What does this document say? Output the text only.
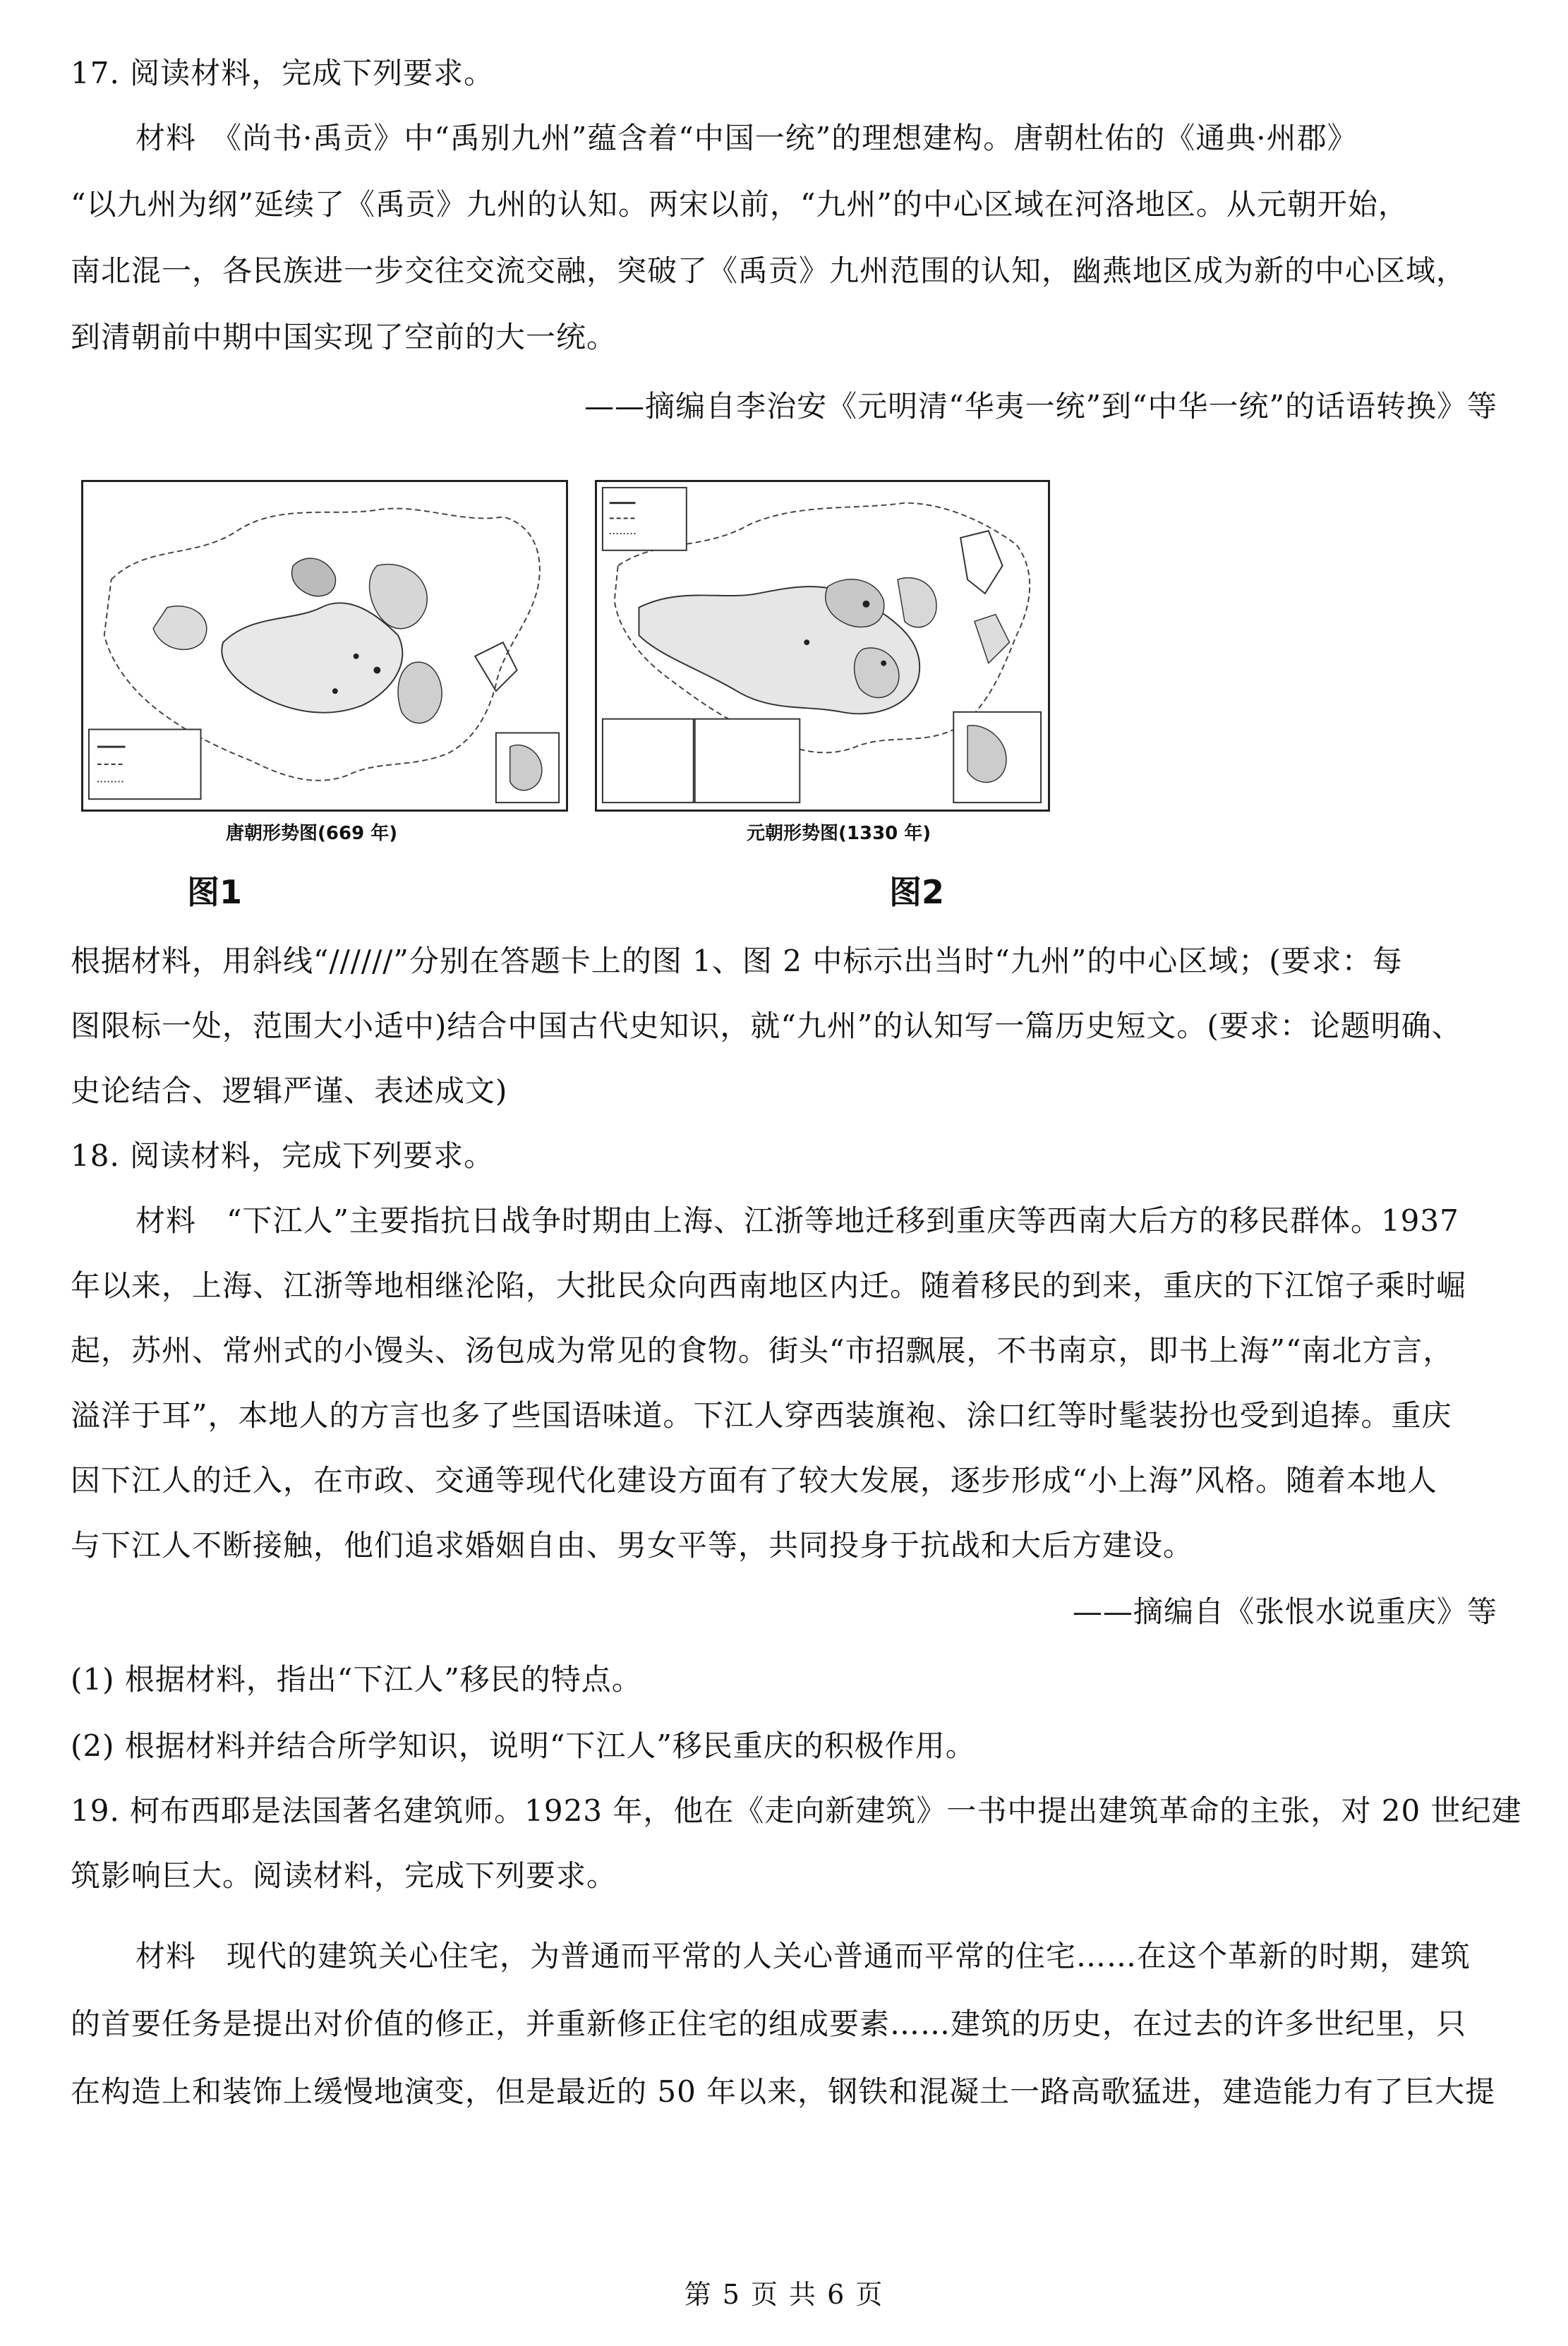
17. 阅读材料，完成下列要求。
材料　《尚书·禹贡》中“禹别九州”蕴含着“中国一统”的理想建构。唐朝杜佑的《通典·州郡》
“以九州为纲”延续了《禹贡》九州的认知。两宋以前，“九州”的中心区域在河洛地区。从元朝开始，
南北混一，各民族进一步交往交流交融，突破了《禹贡》九州范围的认知，幽燕地区成为新的中心区域，
到清朝前中期中国实现了空前的大一统。
——摘编自李治安《元明清“华夷一统”到“中华一统”的话语转换》等
唐朝形势图(669 年)
图1
元朝形势图(1330 年)
图2
根据材料，用斜线“//////”分别在答题卡上的图 1、图 2 中标示出当时“九州”的中心区域；(要求：每
图限标一处，范围大小适中)结合中国古代史知识，就“九州”的认知写一篇历史短文。(要求：论题明确、
史论结合、逻辑严谨、表述成文)
18. 阅读材料，完成下列要求。
材料　“下江人”主要指抗日战争时期由上海、江浙等地迁移到重庆等西南大后方的移民群体。1937
年以来，上海、江浙等地相继沦陷，大批民众向西南地区内迁。随着移民的到来，重庆的下江馆子乘时崛
起，苏州、常州式的小馒头、汤包成为常见的食物。街头“市招飘展，不书南京，即书上海”“南北方言，
溢洋于耳”，本地人的方言也多了些国语味道。下江人穿西装旗袍、涂口红等时髦装扮也受到追捧。重庆
因下江人的迁入，在市政、交通等现代化建设方面有了较大发展，逐步形成“小上海”风格。随着本地人
与下江人不断接触，他们追求婚姻自由、男女平等，共同投身于抗战和大后方建设。
——摘编自《张恨水说重庆》等
(1) 根据材料，指出“下江人”移民的特点。
(2) 根据材料并结合所学知识，说明“下江人”移民重庆的积极作用。
19. 柯布西耶是法国著名建筑师。1923 年，他在《走向新建筑》一书中提出建筑革命的主张，对 20 世纪建
筑影响巨大。阅读材料，完成下列要求。
材料　现代的建筑关心住宅，为普通而平常的人关心普通而平常的住宅……在这个革新的时期，建筑
的首要任务是提出对价值的修正，并重新修正住宅的组成要素……建筑的历史，在过去的许多世纪里，只
在构造上和装饰上缓慢地演变，但是最近的 50 年以来，钢铁和混凝土一路高歌猛进，建造能力有了巨大提
第 5 页 共 6 页
